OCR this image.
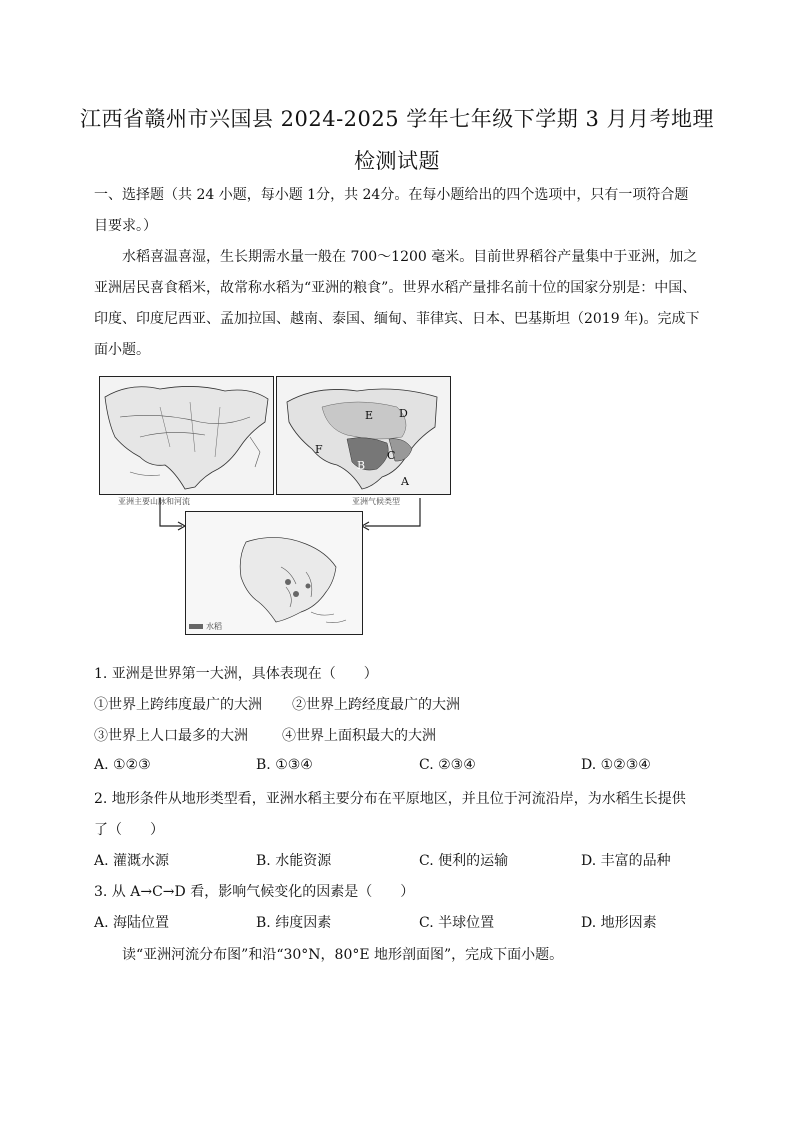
江西省赣州市兴国县 2024-2025 学年七年级下学期 3 月月考地理
检测试题
一、选择题（共 24 小题，每小题 1分，共 24分。在每小题给出的四个选项中，只有一项符合题目要求。）
水稻喜温喜湿，生长期需水量一般在 700～1200 毫米。目前世界稻谷产量集中于亚洲，加之亚洲居民喜食稻米，故常称水稻为“亚洲的粮食”。世界水稻产量排名前十位的国家分别是：中国、印度、印度尼西亚、孟加拉国、越南、泰国、缅甸、菲律宾、日本、巴基斯坦（2019 年)。完成下面小题。
亚洲主要山脉和河流
E D
F
B
C
A
亚洲气候类型
水稻
1. 亚洲是世界第一大洲，具体表现在（　　）
①世界上跨纬度最广的大洲 ②世界上跨经度最广的大洲
③世界上人口最多的大洲 ④世界上面积最大的大洲
A. ①②③	B. ①③④	C. ②③④	D. ①②③④
2. 地形条件从地形类型看，亚洲水稻主要分布在平原地区，并且位于河流沿岸，为水稻生长提供
了（　　）
A. 灌溉水源	B. 水能资源	C. 便利的运输	D. 丰富的品种
3. 从 A→C→D 看，影响气候变化的因素是（　　）
A. 海陆位置	B. 纬度因素	C. 半球位置	D. 地形因素
读“亚洲河流分布图”和沿“30°N，80°E 地形剖面图”，完成下面小题。
